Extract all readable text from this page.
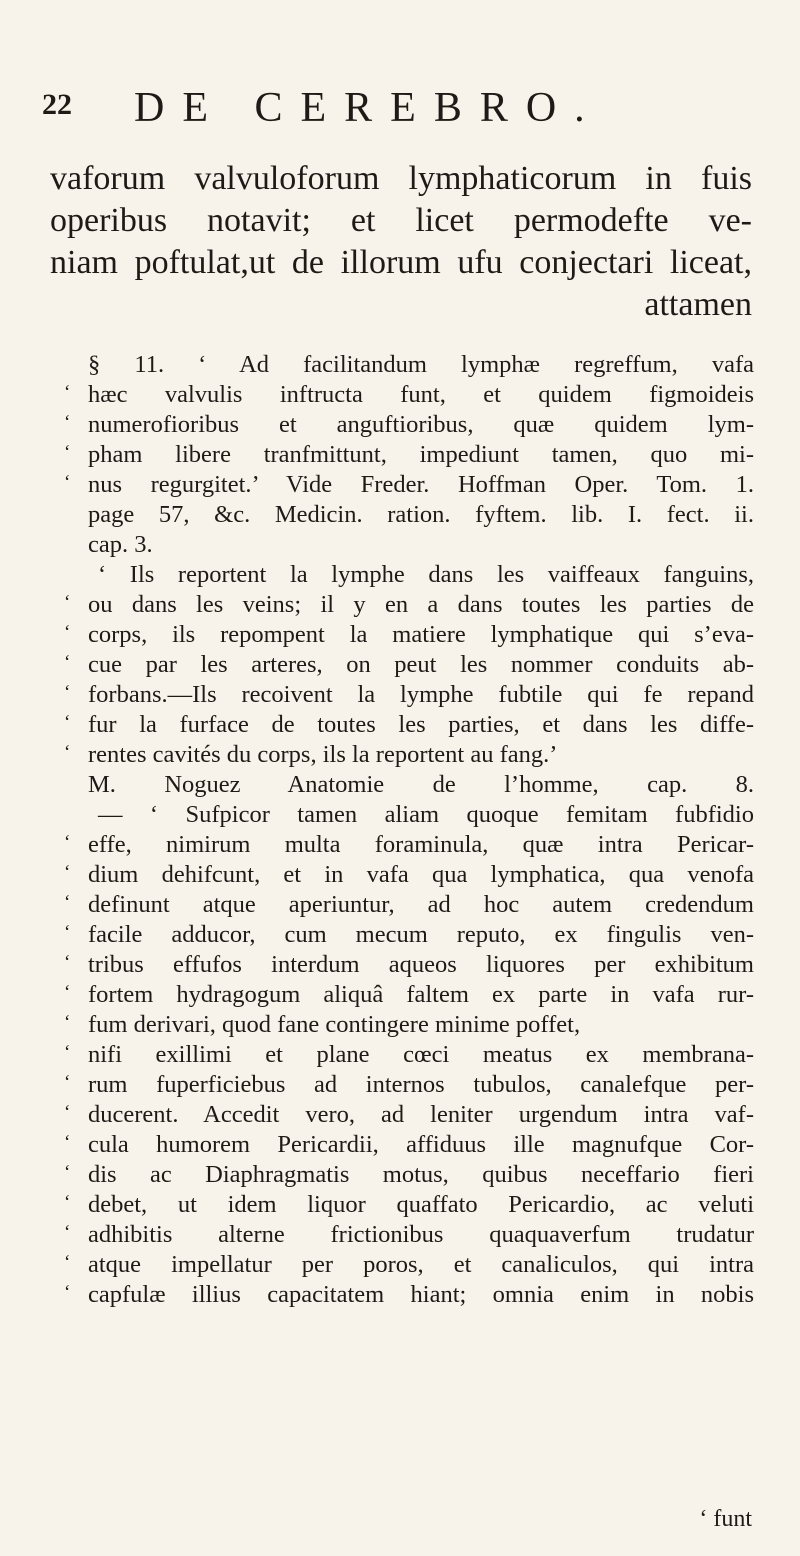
22 DE CEREBRO.
vaforum valvuloforum lymphaticorum in fuis
operibus notavit; et licet permodefte ve-
niam poftulat,ut de illorum ufu conjectari liceat,
attamen
§ 11. ‘ Ad facilitandum lymphæ regreffum, vafa
‘ hæc valvulis inftructa funt, et quidem figmoideis
‘ numerofioribus et anguftioribus, quæ quidem lym-
‘ pham libere tranfmittunt, impediunt tamen, quo mi-
‘ nus regurgitet.’ Vide Freder. Hoffman Oper. Tom. 1.
page 57, &c. Medicin. ration. fyftem. lib. I. fect. ii.
cap. 3.
‘ Ils reportent la lymphe dans les vaiffeaux fanguins,
‘ ou dans les veins; il y en a dans toutes les parties de
‘ corps, ils repompent la matiere lymphatique qui s’eva-
‘ cue par les arteres, on peut les nommer conduits ab-
‘ forbans.—Ils recoivent la lymphe fubtile qui fe repand
‘ fur la furface de toutes les parties, et dans les diffe-
‘ rentes cavités du corps, ils la reportent au fang.’
M. Noguez Anatomie de l’homme, cap. 8.
— ‘ Sufpicor tamen aliam quoque femitam fubfidio
‘ effe, nimirum multa foraminula, quæ intra Pericar-
‘ dium dehifcunt, et in vafa qua lymphatica, qua venofa
‘ definunt atque aperiuntur, ad hoc autem credendum
‘ facile adducor, cum mecum reputo, ex fingulis ven-
‘ tribus effufos interdum aqueos liquores per exhibitum
‘ fortem hydragogum aliquâ faltem ex parte in vafa rur-
‘ fum derivari, quod fane contingere minime poffet,
‘ nifi exillimi et plane cœci meatus ex membrana-
‘ rum fuperficiebus ad internos tubulos, canalefque per-
‘ ducerent. Accedit vero, ad leniter urgendum intra vaf-
‘ cula humorem Pericardii, affiduus ille magnufque Cor-
‘ dis ac Diaphragmatis motus, quibus neceffario fieri
‘ debet, ut idem liquor quaffato Pericardio, ac veluti
‘ adhibitis alterne frictionibus quaquaverfum trudatur
‘ atque impellatur per poros, et canaliculos, qui intra
‘ capfulæ illius capacitatem hiant; omnia enim in nobis
‘ funt
